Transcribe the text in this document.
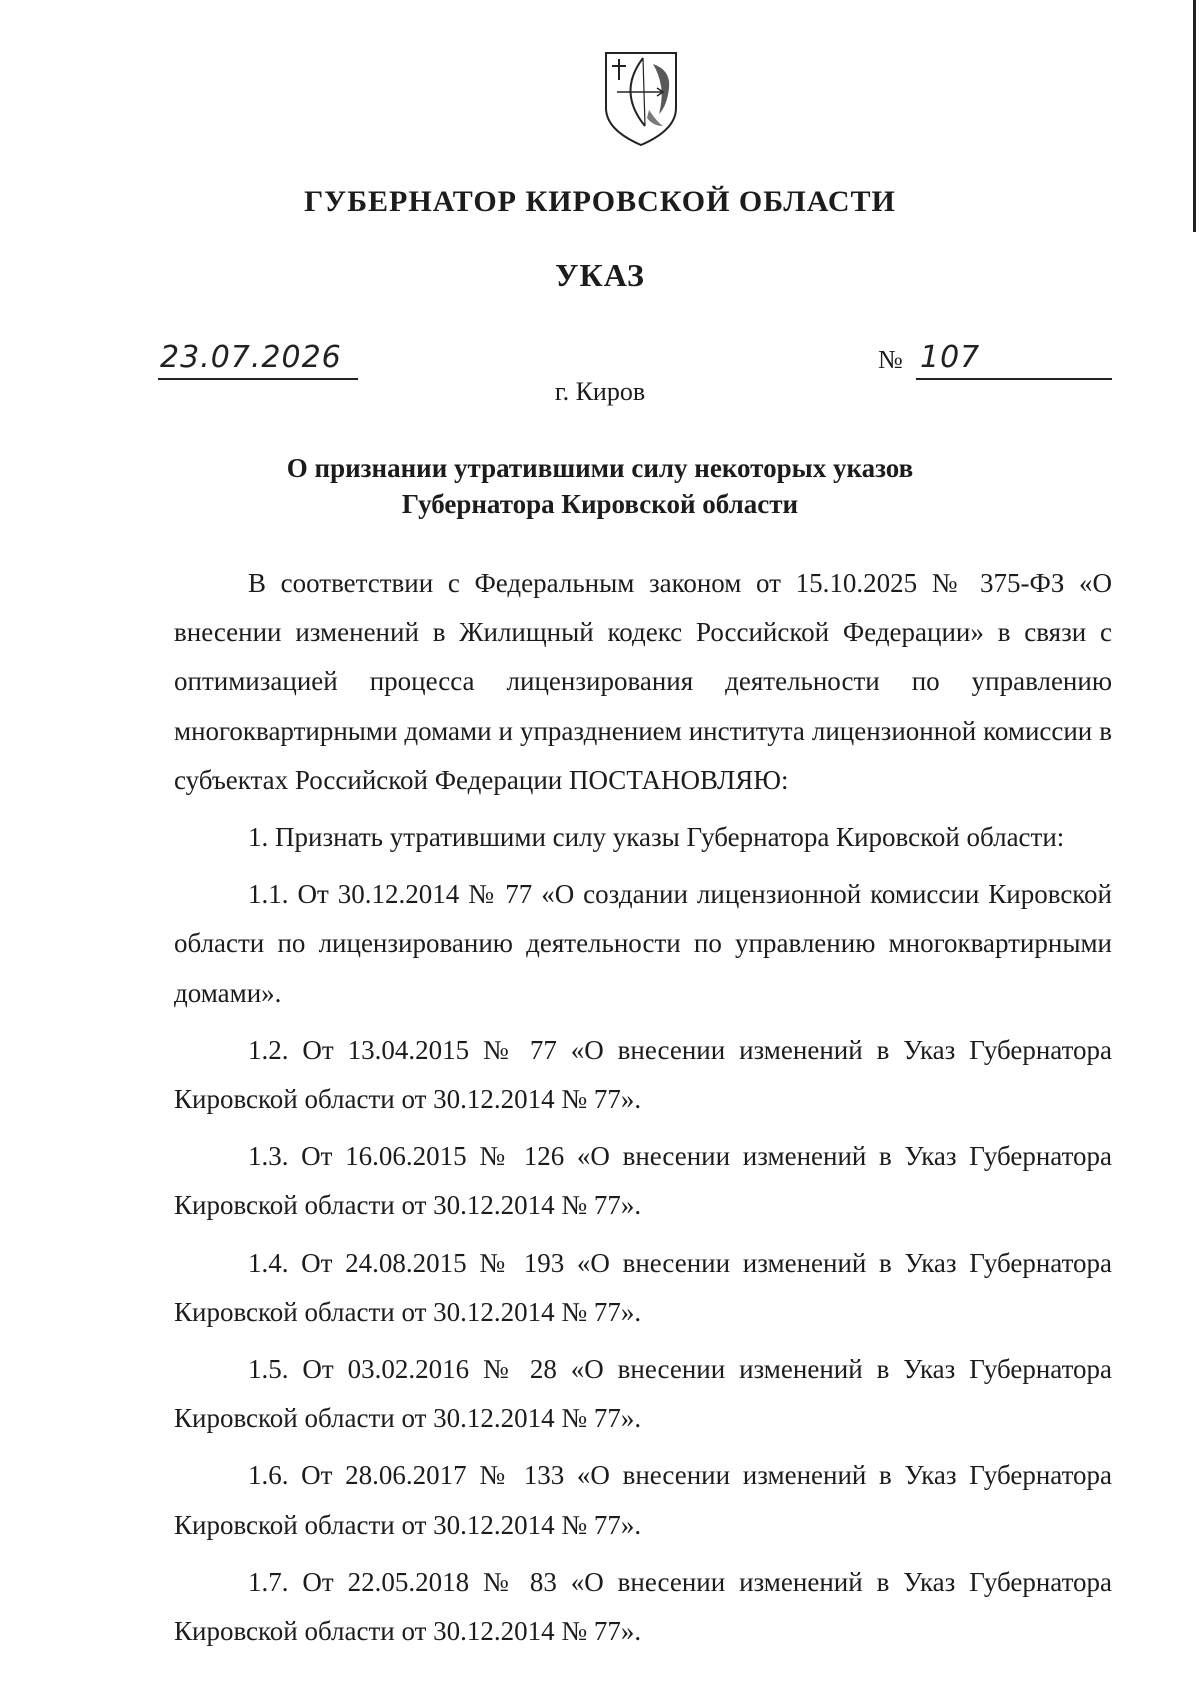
ГУБЕРНАТОР КИРОВСКОЙ ОБЛАСТИ
УКАЗ
23.07.2026	№ 107
г. Киров
О признании утратившими силу некоторых указов
Губернатора Кировской области

В соответствии с Федеральным законом от 15.10.2025 № 375-ФЗ «О внесении изменений в Жилищный кодекс Российской Федерации» в связи с оптимизацией процесса лицензирования деятельности по управлению многоквартирными домами и упразднением института лицензионной комиссии в субъектах Российской Федерации ПОСТАНОВЛЯЮ:

1. Признать утратившими силу указы Губернатора Кировской области:

1.1. От 30.12.2014 № 77 «О создании лицензионной комиссии Кировской области по лицензированию деятельности по управлению многоквартирными домами».

1.2. От 13.04.2015 № 77 «О внесении изменений в Указ Губернатора Кировской области от 30.12.2014 № 77».

1.3. От 16.06.2015 № 126 «О внесении изменений в Указ Губернатора Кировской области от 30.12.2014 № 77».

1.4. От 24.08.2015 № 193 «О внесении изменений в Указ Губернатора Кировской области от 30.12.2014 № 77».

1.5. От 03.02.2016 № 28 «О внесении изменений в Указ Губернатора Кировской области от 30.12.2014 № 77».

1.6. От 28.06.2017 № 133 «О внесении изменений в Указ Губернатора Кировской области от 30.12.2014 № 77».

1.7. От 22.05.2018 № 83 «О внесении изменений в Указ Губернатора Кировской области от 30.12.2014 № 77».
